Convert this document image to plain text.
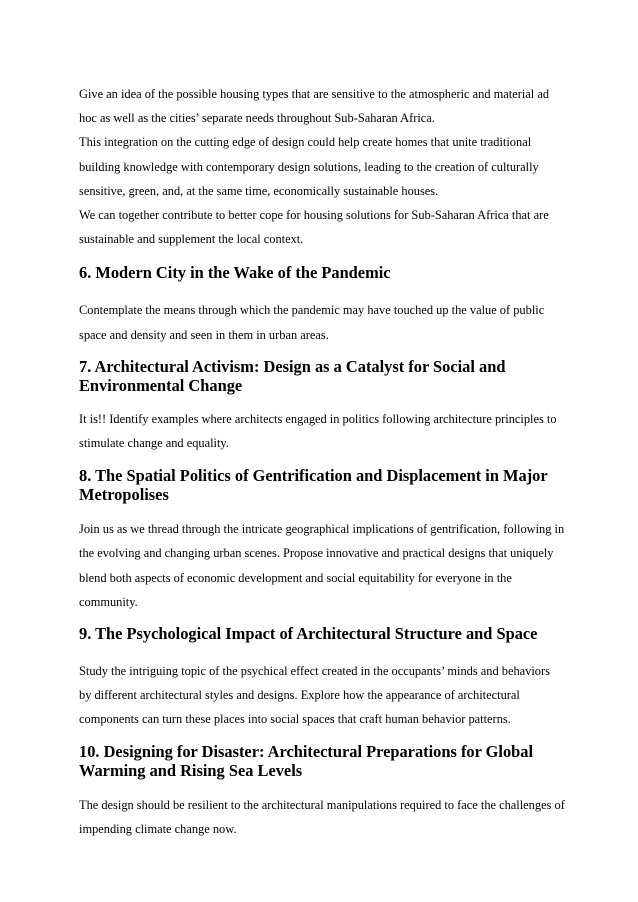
Give an idea of the possible housing types that are sensitive to the atmospheric and material ad hoc as well as the cities’ separate needs throughout Sub-Saharan Africa.

This integration on the cutting edge of design could help create homes that unite traditional building knowledge with contemporary design solutions, leading to the creation of culturally sensitive, green, and, at the same time, economically sustainable houses.

We can together contribute to better cope for housing solutions for Sub-Saharan Africa that are sustainable and supplement the local context.

6. Modern City in the Wake of the Pandemic

Contemplate the means through which the pandemic may have touched up the value of public space and density and seen in them in urban areas.

7. Architectural Activism: Design as a Catalyst for Social and Environmental Change

It is!! Identify examples where architects engaged in politics following architecture principles to stimulate change and equality.

8. The Spatial Politics of Gentrification and Displacement in Major Metropolises

Join us as we thread through the intricate geographical implications of gentrification, following in the evolving and changing urban scenes. Propose innovative and practical designs that uniquely blend both aspects of economic development and social equitability for everyone in the community.

9. The Psychological Impact of Architectural Structure and Space

Study the intriguing topic of the psychical effect created in the occupants’ minds and behaviors by different architectural styles and designs. Explore how the appearance of architectural components can turn these places into social spaces that craft human behavior patterns.

10. Designing for Disaster: Architectural Preparations for Global Warming and Rising Sea Levels

The design should be resilient to the architectural manipulations required to face the challenges of impending climate change now.
